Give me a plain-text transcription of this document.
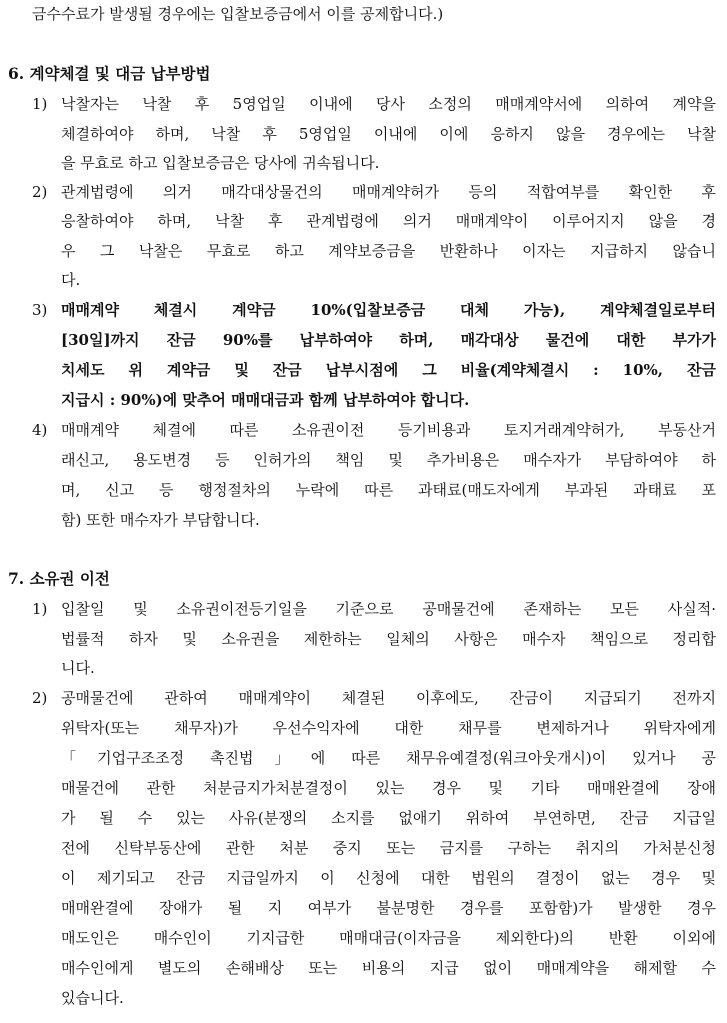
금수수료가 발생될 경우에는 입찰보증금에서 이를 공제합니다.)

6. 계약체결 및 대금 납부방법

1) 낙찰자는 낙찰 후 5영업일 이내에 당사 소정의 매매계약서에 의하여 계약을

체결하여야 하며, 낙찰 후 5영업일 이내에 이에 응하지 않을 경우에는 낙찰

을 무효로 하고 입찰보증금은 당사에 귀속됩니다.

2) 관계법령에 의거 매각대상물건의 매매계약허가 등의 적합여부를 확인한 후

응찰하여야 하며, 낙찰 후 관계법령에 의거 매매계약이 이루어지지 않을 경

우 그 낙찰은 무효로 하고 계약보증금을 반환하나 이자는 지급하지 않습니

다.

3) 매매계약 체결시 계약금 10%(입찰보증금 대체 가능), 계약체결일로부터

[30일]까지 잔금 90%를 납부하여야 하며, 매각대상 물건에 대한 부가가

치세도 위 계약금 및 잔금 납부시점에 그 비율(계약체결시 : 10%, 잔금

지급시 : 90%)에 맞추어 매매대금과 함께 납부하여야 합니다.

4) 매매계약 체결에 따른 소유권이전 등기비용과 토지거래계약허가, 부동산거

래신고, 용도변경 등 인허가의 책임 및 추가비용은 매수자가 부담하여야 하

며, 신고 등 행정절차의 누락에 따른 과태료(매도자에게 부과된 과태료 포

함) 또한 매수자가 부담합니다.

7. 소유권 이전

1) 입찰일 및 소유권이전등기일을 기준으로 공매물건에 존재하는 모든 사실적·

법률적 하자 및 소유권을 제한하는 일체의 사항은 매수자 책임으로 정리합

니다.

2) 공매물건에 관하여 매매계약이 체결된 이후에도, 잔금이 지급되기 전까지

위탁자(또는 채무자)가 우선수익자에 대한 채무를 변제하거나 위탁자에게

「기업구조조정 촉진법」에 따른 채무유예결정(워크아웃개시)이 있거나 공

매물건에 관한 처분금지가처분결정이 있는 경우 및 기타 매매완결에 장애

가 될 수 있는 사유(분쟁의 소지를 없애기 위하여 부연하면, 잔금 지급일

전에 신탁부동산에 관한 처분 중지 또는 금지를 구하는 취지의 가처분신청

이 제기되고 잔금 지급일까지 이 신청에 대한 법원의 결정이 없는 경우 및

매매완결에 장애가 될 지 여부가 불분명한 경우를 포함함)가 발생한 경우

매도인은 매수인이 기지급한 매매대금(이자금을 제외한다)의 반환 이외에

매수인에게 별도의 손해배상 또는 비용의 지급 없이 매매계약을 해제할 수

있습니다.
